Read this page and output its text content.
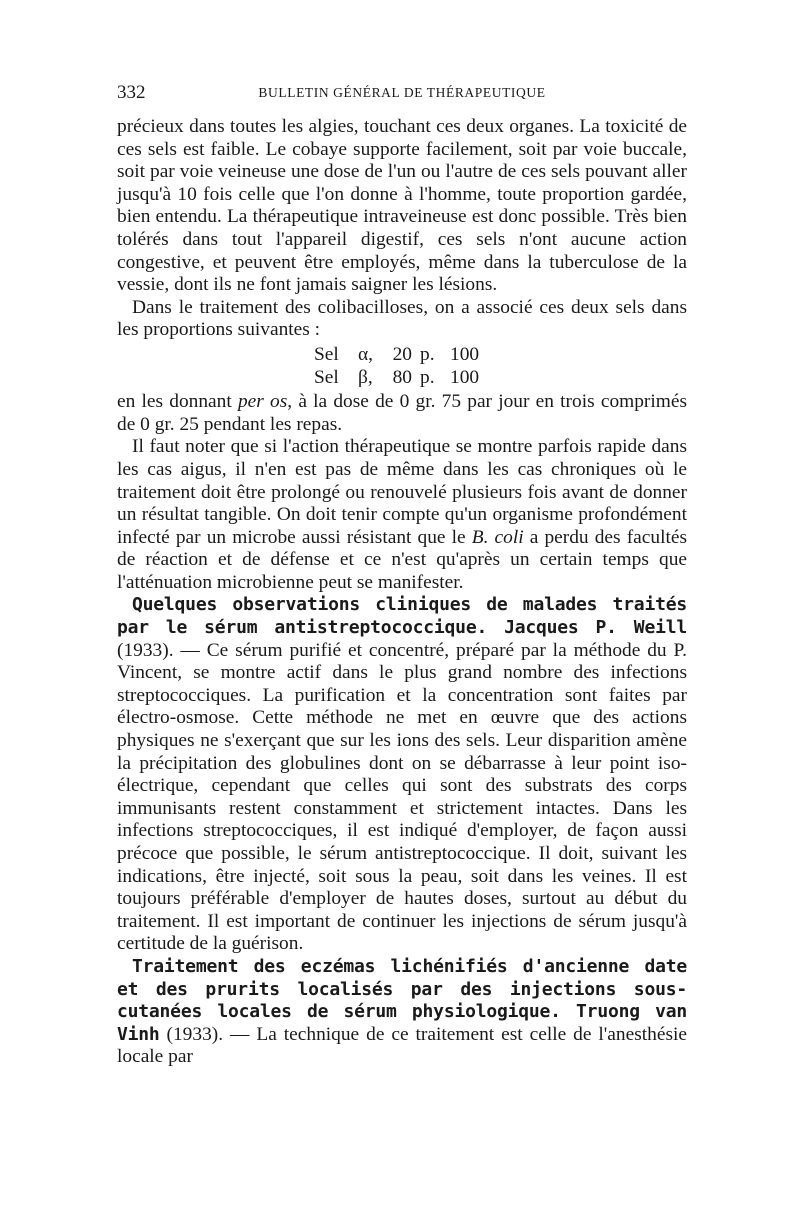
332	BULLETIN GÉNÉRAL DE THÉRAPEUTIQUE

précieux dans toutes les algies, touchant ces deux organes. La toxicité de ces sels est faible. Le cobaye supporte facilement, soit par voie buccale, soit par voie veineuse une dose de l'un ou l'autre de ces sels pouvant aller jusqu'à 10 fois celle que l'on donne à l'homme, toute proportion gardée, bien entendu. La thérapeutique intraveineuse est donc possible. Très bien tolérés dans tout l'appareil digestif, ces sels n'ont aucune action congestive, et peuvent être employés, même dans la tuberculose de la vessie, dont ils ne font jamais saigner les lésions.

Dans le traitement des colibacilloses, on a associé ces deux sels dans les proportions suivantes :

Sel α, 20 p. 100
Sel β, 80 p. 100

en les donnant per os, à la dose de 0 gr. 75 par jour en trois comprimés de 0 gr. 25 pendant les repas.

Il faut noter que si l'action thérapeutique se montre parfois rapide dans les cas aigus, il n'en est pas de même dans les cas chroniques où le traitement doit être prolongé ou renouvelé plusieurs fois avant de donner un résultat tangible. On doit tenir compte qu'un organisme profondément infecté par un microbe aussi résistant que le B. coli a perdu des facultés de réaction et de défense et ce n'est qu'après un certain temps que l'atténuation microbienne peut se manifester.

Quelques observations cliniques de malades traités par le sérum antistreptococcique. Jacques P. Weill (1933). — Ce sérum purifié et concentré, préparé par la méthode du P. Vincent, se montre actif dans le plus grand nombre des infections streptococciques. La purification et la concentration sont faites par électro-osmose. Cette méthode ne met en œuvre que des actions physiques ne s'exerçant que sur les ions des sels. Leur disparition amène la précipitation des globulines dont on se débarrasse à leur point iso-électrique, cependant que celles qui sont des substrats des corps immunisants restent constamment et strictement intactes. Dans les infections streptococciques, il est indiqué d'employer, de façon aussi précoce que possible, le sérum antistreptococcique. Il doit, suivant les indications, être injecté, soit sous la peau, soit dans les veines. Il est toujours préférable d'employer de hautes doses, surtout au début du traitement. Il est important de continuer les injections de sérum jusqu'à certitude de la guérison.

Traitement des eczémas lichénifiés d'ancienne date et des prurits localisés par des injections sous-cutanées locales de sérum physiologique. Truong van Vinh (1933). — La technique de ce traitement est celle de l'anesthésie locale par
